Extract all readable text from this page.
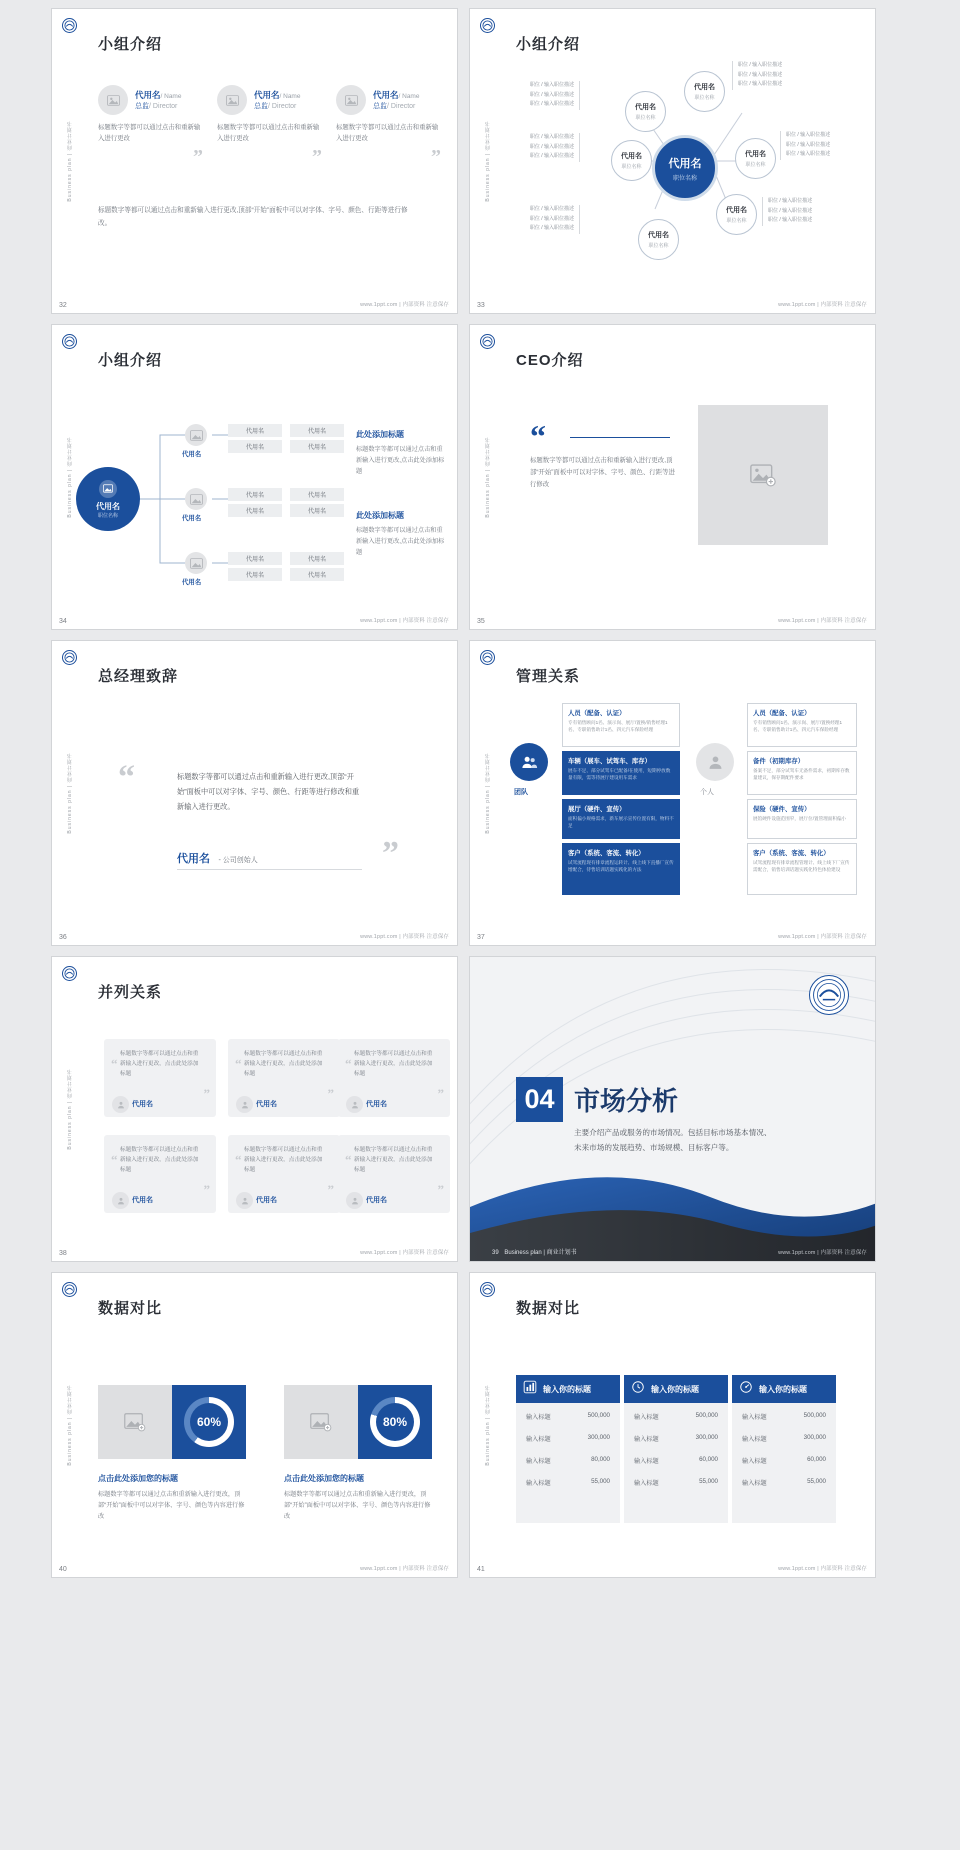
Business plan | 商业计划书
小组介绍
代用名/ Name
总监/ Director
标题数字等都可以通过点击和重新输入进行更改
”
代用名/ Name
总监/ Director
标题数字等都可以通过点击和重新输入进行更改
”
代用名/ Name
总监/ Director
标题数字等都可以通过点击和重新输入进行更改
”
标题数字等都可以通过点击和重新输入进行更改,顶部“开始”面板中可以对字体、字号、颜色、行距等进行修改。
32	www.1ppt.com | 内部资料 注意保存
Business plan | 商业计划书
小组介绍
代用名
职位名称
代用名
职位名称
代用名
职位名称
代用名
职位名称
代用名
职位名称
代用名
职位名称
代用名
职位名称
职位 / 输入职位描述
职位 / 输入职位描述
职位 / 输入职位描述
职位 / 输入职位描述
职位 / 输入职位描述
职位 / 输入职位描述
职位 / 输入职位描述
职位 / 输入职位描述
职位 / 输入职位描述
职位 / 输入职位描述
职位 / 输入职位描述
职位 / 输入职位描述
职位 / 输入职位描述
职位 / 输入职位描述
职位 / 输入职位描述
职位 / 输入职位描述
职位 / 输入职位描述
职位 / 输入职位描述
33	www.1ppt.com | 内部资料 注意保存
Business plan | 商业计划书
小组介绍
代用名
职位名称
代用名
代用名	代用名
代用名	代用名
代用名
代用名	代用名
代用名	代用名
代用名
代用名	代用名
代用名	代用名
此处添加标题
标题数字等都可以通过点击和重新输入进行更改,点击此处添加标题
此处添加标题
标题数字等都可以通过点击和重新输入进行更改,点击此处添加标题
34	www.1ppt.com | 内部资料 注意保存
Business plan | 商业计划书
CEO介绍
“
标题数字等都可以通过点击和重新输入进行更改,顶部“开始”面板中可以对字体、字号、颜色、行距等进行修改
35	www.1ppt.com | 内部资料 注意保存
Business plan | 商业计划书
总经理致辞
“
”
标题数字等都可以通过点击和重新输入进行更改,顶部“开始”面板中可以对字体、字号、颜色、行距等进行修改和重新输入进行更改。
代用名 - 公司创始人
36	www.1ppt.com | 内部资料 注意保存
Business plan | 商业计划书
管理关系
团队
人员（配备、认证）
专有销售顾问1名、演示岗、展厅/置换/销售经理1名、专职销售助计1名、四元汽车保险经理
车辆（展车、试驾车、库存）
展车不足、部分试驾车已配备/在使用，短期停放数量有限，需等待展厅建设用车需求
展厅（硬件、宣传）
面积偏小规格需求，新车展示宣传位置有限，物料不足
客户（系统、客流、转化）
试驾流程现有排章流程运转计、线上线下直播厂宣传增配合，待售培训话题实践化的方法
个人
人员（配备、认证）
专有销售顾问1名、演示岗、展厅/置换经理1名、专职销售助计1名、四元汽车保险经理
备件（初期库存）
备案不足，部分试驾车无备件需求，初期库存数量建议，保存期配件要求
保险（硬件、宣传）
展馆硬件设施范围窄，展厅位/置管理面积偏小
客户（系统、客流、转化）
试驾流程现有排章流程管理计、线上线下厂宣传需配合，销售培训话题实践化特色体验建设
37	www.1ppt.com | 内部资料 注意保存
Business plan | 商业计划书
并列关系
标题数字等都可以通过点击和重新输入进行更改，点击此处添加标题
“
”
代用名
标题数字等都可以通过点击和重新输入进行更改，点击此处添加标题
“
”
代用名
标题数字等都可以通过点击和重新输入进行更改，点击此处添加标题
“
”
代用名
标题数字等都可以通过点击和重新输入进行更改，点击此处添加标题
“
”
代用名
标题数字等都可以通过点击和重新输入进行更改，点击此处添加标题
“
”
代用名
标题数字等都可以通过点击和重新输入进行更改，点击此处添加标题
“
”
代用名
38	www.1ppt.com | 内部资料 注意保存
04 市场分析
主要介绍产品或服务的市场情况。包括目标市场基本情况、未来市场的发展趋势、市场规模、目标客户等。
39 Business plan | 商业计划书	www.1ppt.com | 内部资料 注意保存
Business plan | 商业计划书
数据对比
60%
点击此处添加您的标题
标题数字等都可以通过点击和重新输入进行更改，顶部“开始”面板中可以对字体、字号、颜色等内容进行修改
80%
点击此处添加您的标题
标题数字等都可以通过点击和重新输入进行更改，顶部“开始”面板中可以对字体、字号、颜色等内容进行修改
40	www.1ppt.com | 内部资料 注意保存
Business plan | 商业计划书
数据对比
输入你的标题
输入标题	500,000
输入标题	300,000
输入标题	80,000
输入标题	55,000
输入你的标题
输入标题	500,000
输入标题	300,000
输入标题	60,000
输入标题	55,000
输入你的标题
输入标题	500,000
输入标题	300,000
输入标题	60,000
输入标题	55,000
41	www.1ppt.com | 内部资料 注意保存
